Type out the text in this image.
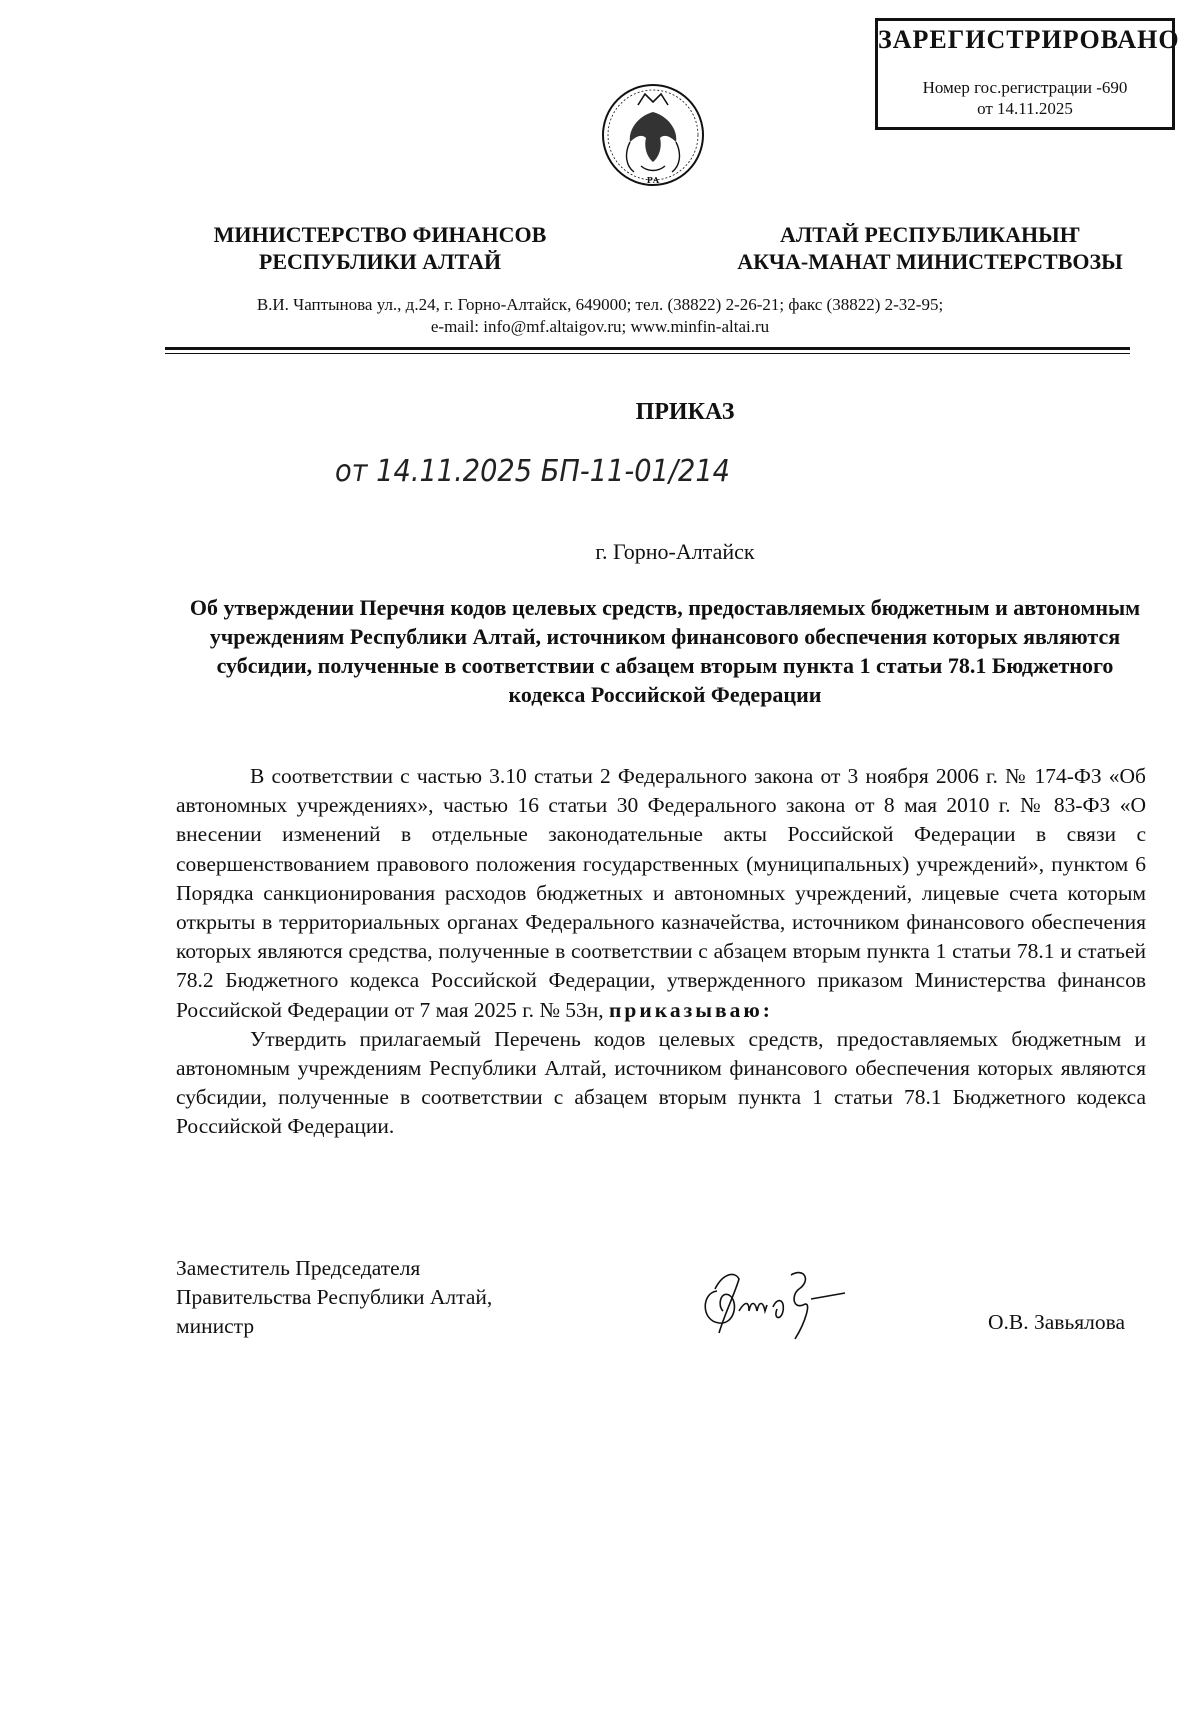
ЗАРЕГИСТРИРОВАНО
Номер гос.регистрации -690
от 14.11.2025
РА
МИНИСТЕРСТВО ФИНАНСОВ
РЕСПУБЛИКИ АЛТАЙ
АЛТАЙ РЕСПУБЛИКАНЫҤ
АКЧА-МАНАТ МИНИСТЕРСТВОЗЫ
В.И. Чаптынова ул., д.24, г. Горно-Алтайск, 649000; тел. (38822) 2-26-21; факс (38822) 2-32-95;
e-mail: info@mf.altaigov.ru; www.minfin-altai.ru
ПРИКАЗ
от 14.11.2025 БП-11-01/214
г. Горно-Алтайск
Об утверждении Перечня кодов целевых средств, предоставляемых бюджетным и автономным учреждениям Республики Алтай, источником финансового обеспечения которых являются субсидии, полученные в соответствии с абзацем вторым пункта 1 статьи 78.1 Бюджетного кодекса Российской Федерации

В соответствии с частью 3.10 статьи 2 Федерального закона от 3 ноября 2006 г. № 174-ФЗ «Об автономных учреждениях», частью 16 статьи 30 Федерального закона от 8 мая 2010 г. № 83-ФЗ «О внесении изменений в отдельные законодательные акты Российской Федерации в связи с совершенствованием правового положения государственных (муниципальных) учреждений», пунктом 6 Порядка санкционирования расходов бюджетных и автономных учреждений, лицевые счета которым открыты в территориальных органах Федерального казначейства, источником финансового обеспечения которых являются средства, полученные в соответствии с абзацем вторым пункта 1 статьи 78.1 и статьей 78.2 Бюджетного кодекса Российской Федерации, утвержденного приказом Министерства финансов Российской Федерации от 7 мая 2025 г. № 53н, приказываю:

Утвердить прилагаемый Перечень кодов целевых средств, предоставляемых бюджетным и автономным учреждениям Республики Алтай, источником финансового обеспечения которых являются субсидии, полученные в соответствии с абзацем вторым пункта 1 статьи 78.1 Бюджетного кодекса Российской Федерации.

Заместитель Председателя
Правительства Республики Алтай,
министр	О.В. Завьялова
